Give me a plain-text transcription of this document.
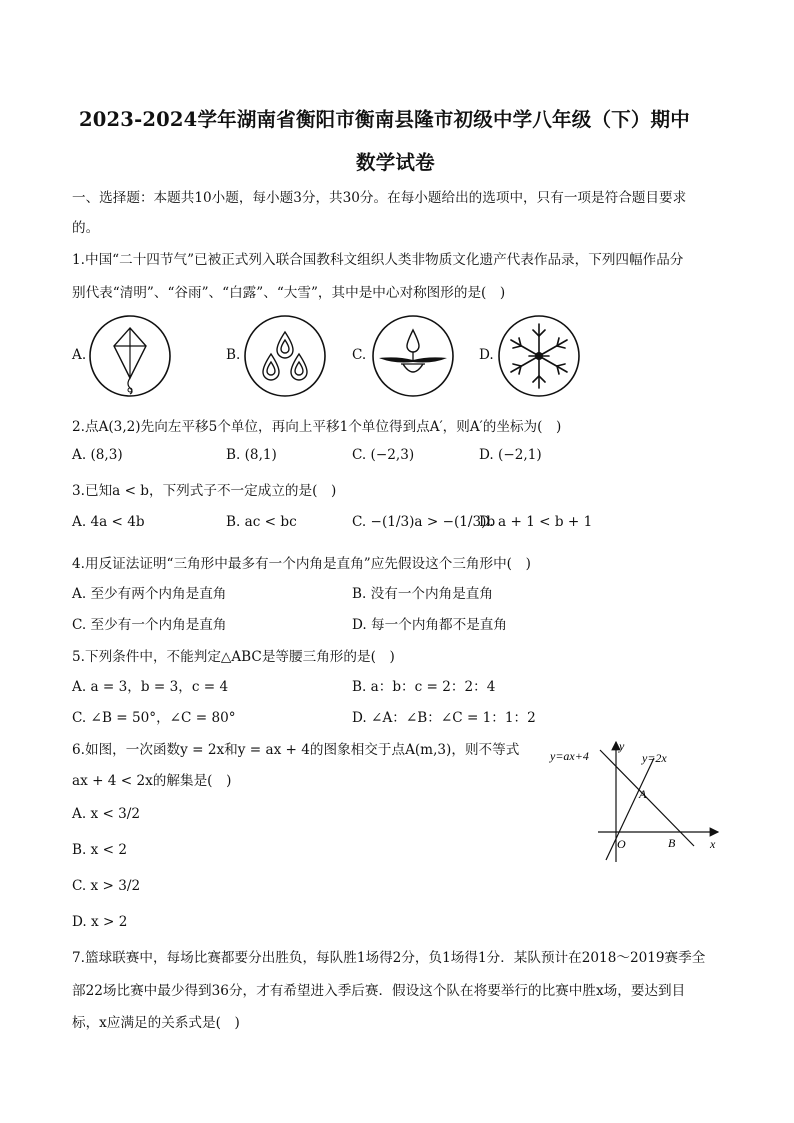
2023-2024学年湖南省衡阳市衡南县隆市初级中学八年级（下）期中
数学试卷
一、选择题：本题共10小题，每小题3分，共30分。在每小题给出的选项中，只有一项是符合题目要求
的。
1.中国“二十四节气”已被正式列入联合国教科文组织人类非物质文化遗产代表作品录，下列四幅作品分
别代表“清明”、“谷雨”、“白露”、“大雪”，其中是中心对称图形的是(　)
A.	B.	C.	D.
2.点A(3,2)先向左平移5个单位，再向上平移1个单位得到点A′，则A′的坐标为(　)
A. (8,3)	B. (8,1)	C. (−2,3)	D. (−2,1)
3.已知a < b，下列式子不一定成立的是(　)
A. 4a < 4b	B. ac < bc	C. −(1/3)a > −(1/3)b
D. a + 1 < b + 1
4.用反证法证明“三角形中最多有一个内角是直角”应先假设这个三角形中(　)
A. 至少有两个内角是直角	B. 没有一个内角是直角
C. 至少有一个内角是直角	D. 每一个内角都不是直角
5.下列条件中，不能判定△ABC是等腰三角形的是(　)
A. a = 3，b = 3，c = 4	B. a：b：c = 2：2：4
C. ∠B = 50°，∠C = 80°	D. ∠A：∠B：∠C = 1：1：2
6.如图，一次函数y = 2x和y = ax + 4的图象相交于点A(m,3)，则不等式
ax + 4 < 2x的解集是(　)
A. x < 3/2
B. x < 2
C. x > 3/2
D. x > 2
y=ax+4	y=2x
y
x
O
A
B
7.篮球联赛中，每场比赛都要分出胜负，每队胜1场得2分，负1场得1分．某队预计在2018～2019赛季全
部22场比赛中最少得到36分，才有希望进入季后赛．假设这个队在将要举行的比赛中胜x场，要达到目
标，x应满足的关系式是(　)
